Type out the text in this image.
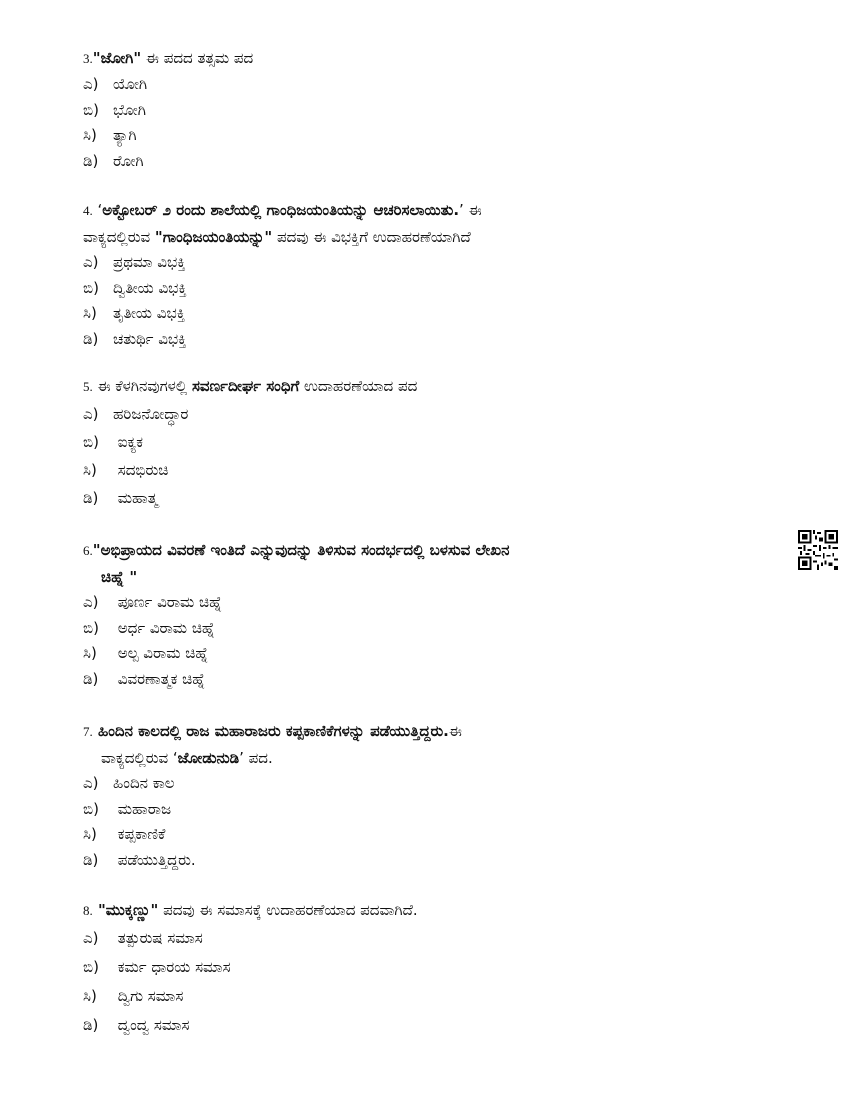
3."ಜೋಗಿ" ಈ ಪದದ ತತ್ಸಮ ಪದ

ಎ) ಯೋಗಿ

ಬಿ) ಭೋಗಿ

ಸಿ) ತ್ಯಾಗಿ

ಡಿ) ರೋಗಿ

4. ‘ಅಕ್ಟೋಬರ್ ೨ ರಂದು ಶಾಲೆಯಲ್ಲಿ ಗಾಂಧಿಜಯಂತಿಯನ್ನು ಆಚರಿಸಲಾಯಿತು.’ ಈ
ವಾಕ್ಯದಲ್ಲಿರುವ "ಗಾಂಧಿಜಯಂತಿಯನ್ನು" ಪದವು ಈ ವಿಭಕ್ತಿಗೆ ಉದಾಹರಣೆಯಾಗಿದೆ

ಎ) ಪ್ರಥಮಾ ವಿಭಕ್ತಿ

ಬಿ) ದ್ವಿತೀಯ ವಿಭಕ್ತಿ

ಸಿ) ತೃತೀಯ ವಿಭಕ್ತಿ

ಡಿ) ಚತುರ್ಥಿ ವಿಭಕ್ತಿ

5. ಈ ಕೆಳಗಿನವುಗಳಲ್ಲಿ ಸವರ್ಣದೀರ್ಘ ಸಂಧಿಗೆ ಉದಾಹರಣೆಯಾದ ಪದ

ಎ) ಹರಿಜನೋದ್ಧಾರ

ಬಿ) ಐಕ್ಯಕ

ಸಿ) ಸದಭಿರುಚಿ

ಡಿ) ಮಹಾತ್ಮ

6."ಅಭಿಪ್ರಾಯದ ವಿವರಣೆ ಇಂತಿದೆ ಎನ್ನುವುದನ್ನು ತಿಳಿಸುವ ಸಂದರ್ಭದಲ್ಲಿ ಬಳಸುವ ಲೇಖನ
ಚಿಹ್ನೆ "

ಎ) ಪೂರ್ಣ ವಿರಾಮ ಚಿಹ್ನೆ

ಬಿ) ಅರ್ಧ ವಿರಾಮ ಚಿಹ್ನೆ

ಸಿ) ಅಲ್ಪ ವಿರಾಮ ಚಿಹ್ನೆ

ಡಿ) ವಿವರಣಾತ್ಮಕ ಚಿಹ್ನೆ

7. ಹಿಂದಿನ ಕಾಲದಲ್ಲಿ ರಾಜ ಮಹಾರಾಜರು ಕಪ್ಪಕಾಣಿಕೆಗಳನ್ನು ಪಡೆಯುತ್ತಿದ್ದರು.ಈ
ವಾಕ್ಯದಲ್ಲಿರುವ ‘ಜೋಡುನುಡಿ’ ಪದ.

ಎ) ಹಿಂದಿನ ಕಾಲ

ಬಿ) ಮಹಾರಾಜ

ಸಿ) ಕಪ್ಪಕಾಣಿಕೆ

ಡಿ) ಪಡೆಯುತ್ತಿದ್ದರು.

8. "ಮುಕ್ಕಣ್ಣು" ಪದವು ಈ ಸಮಾಸಕ್ಕೆ ಉದಾಹರಣೆಯಾದ ಪದವಾಗಿದೆ.

ಎ) ತತ್ಪುರುಷ ಸಮಾಸ

ಬಿ) ಕರ್ಮ ಧಾರಯ ಸಮಾಸ

ಸಿ) ದ್ವಿಗು ಸಮಾಸ

ಡಿ) ದ್ವಂದ್ವ ಸಮಾಸ
